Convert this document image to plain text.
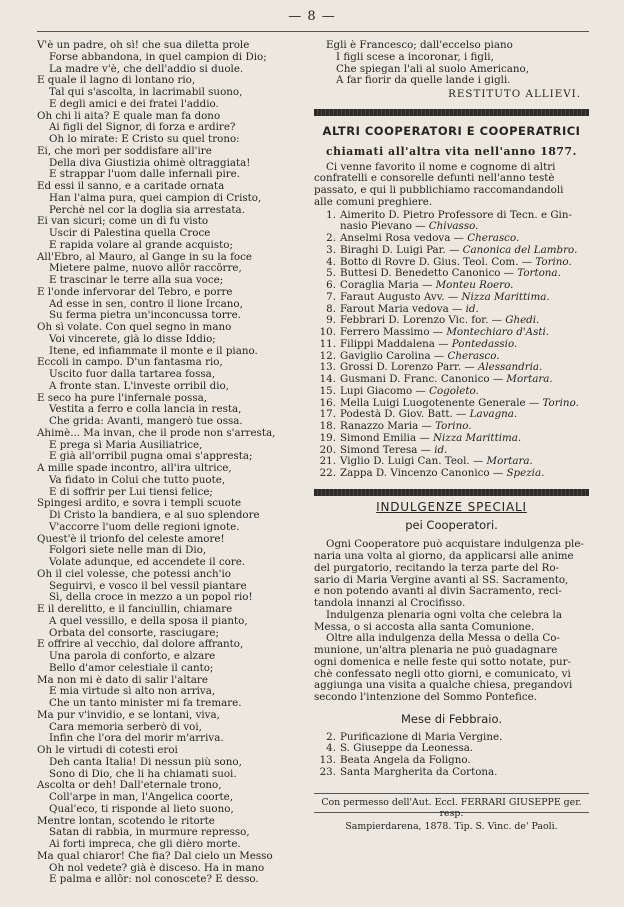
— 8 —
V'è un padre, oh sì! che sua diletta prole
Forse abbandona, in quel campion di Dio;
La madre v'è, che dell'addio si duole.
E quale il lagno di lontano rio,
Tal qui s'ascolta, in lacrimabil suono,
E degli amici e dei fratei l'addio.
Oh chi li aita? E quale man fa dono
Ai figli del Signor, di forza e ardire?
Oh lo mirate: È Cristo su quel trono:
Ei, che morì per soddisfare all'ire
Della diva Giustizia ohimè oltraggiata!
E strappar l'uom dalle infernali pire.
Ed essi il sanno, e a caritade ornata
Han l'alma pura, quei campion di Cristo,
Perchè nel cor la doglia sia arrestata.
Ei van sicuri; come un dì fu visto
Uscir di Palestina quella Croce
E rapida volare al grande acquisto;
All'Ebro, al Mauro, al Gange in su la foce
Mietere palme, nuovo allôr raccôrre,
E trascinar le terre alla sua voce;
E l'onde infervorar del Tebro, e porre
Ad esse in sen, contro il lione Ircano,
Su ferma pietra un'inconcussa torre.
Oh sì volate. Con quel segno in mano
Voi vincerete, già lo disse Iddio;
Itene, ed infiammate il monte e il piano.
Eccoli in campo. D'un fantasma rio,
Uscito fuor dalla tartarea fossa,
A fronte stan. L'investe orribil dio,
E seco ha pure l'infernale possa,
Vestita a ferro e colla lancia in resta,
Che grida: Avanti, mangerò tue ossa.
Ahimè... Ma invan, che il prode non s'arresta,
E prega sì Maria Ausiliatrice,
E già all'orribil pugna omai s'appresta;
A mille spade incontro, all'ira ultrice,
Va fidato in Colui che tutto puote,
E di soffrir per Lui tiensi felice;
Spingesi ardito, e sovra i templi scuote
Di Cristo la bandiera, e al suo splendore
V'accorre l'uom delle regioni ignote.
Quest'è il trionfo del celeste amore!
Folgori siete nelle man di Dio,
Volate adunque, ed accendete il core.
Oh il ciel volesse, che potessi anch'io
Seguirvi, e vosco il bel vessil piantare
Sì, della croce in mezzo a un popol rio!
E il derelitto, e il fanciullin, chiamare
A quel vessillo, e della sposa il pianto,
Orbata del consorte, rasciugare;
E offrire al vecchio, dal dolore affranto,
Una parola di conforto, e alzare
Bello d'amor celestiale il canto;
Ma non mi è dato di salir l'altare
E mia virtude sì alto non arriva,
Che un tanto minister mi fa tremare.
Ma pur v'invidio, e se lontani, viva,
Cara memoria serberò di voi,
Infin che l'ora del morir m'arriva.
Oh le virtudi di cotesti eroi
Deh canta Italia! Di nessun più sono,
Sono di Dio, che li ha chiamati suoi.
Ascolta or deh! Dall'eternale trono,
Coll'arpe in man, l'Angelica coorte,
Qual'eco, ti risponde al lieto suono,
Mentre lontan, scotendo le ritorte
Satan di rabbia, in murmure represso,
Ai forti impreca, che gli dièro morte.
Ma qual chiaror! Che fia? Dal cielo un Messo
Oh nol vedete? già è disceso. Ha in mano
E palma e allôr: nol conoscete? È desso.
Egli è Francesco; dall'eccelso piano
I figli scese a incoronar, i figli,
Che spiegan l'ali al suolo Americano,
A far fiorir da quelle lande i gigli.
RESTITUTO ALLIEVI.
ALTRI COOPERATORI E COOPERATRICI
chiamati all'altra vita nell'anno 1877.
Ci venne favorito il nome e cognome di altri
confratelli e consorelle defunti nell'anno testè
passato, e qui li pubblichiamo raccomandandoli
alle comuni preghiere.
1. Aimerito D. Pietro Professore di Tecn. e Gin-
nasio Pievano — Chivasso.
2. Anselmi Rosa vedova — Cherasco.
3. Biraghi D. Luigi Par. — Canonica del Lambro.
4. Botto di Rovre D. Gius. Teol. Com. — Torino.
5. Buttesi D. Benedetto Canonico — Tortona.
6. Coraglia Maria — Monteu Roero.
7. Faraut Augusto Avv. — Nizza Marittima.
8. Farout Maria vedova — id.
9. Febbrari D. Lorenzo Vic. for. — Ghedi.
10. Ferrero Massimo — Montechiaro d'Asti.
11. Filippi Maddalena — Pontedassio.
12. Gaviglio Carolina — Cherasco.
13. Grossi D. Lorenzo Parr. — Alessandria.
14. Gusmani D. Franc. Canonico — Mortara.
15. Lupi Giacomo — Cogoleto.
16. Mella Luigi Luogotenente Generale — Torino.
17. Podestà D. Giov. Batt. — Lavagna.
18. Ranazzo Maria — Torino.
19. Simond Emilia — Nizza Marittima.
20. Simond Teresa — id.
21. Viglio D. Luigi Can. Teol. — Mortara.
22. Zappa D. Vincenzo Canonico — Spezia.
INDULGENZE SPECIALI
pei Cooperatori.
Ogni Cooperatore può acquistare indulgenza ple-
naria una volta al giorno, da applicarsi alle anime
del purgatorio, recitando la terza parte del Ro-
sario di Maria Vergine avanti al SS. Sacramento,
e non potendo avanti al divin Sacramento, reci-
tandola innanzi al Crocifisso.
Indulgenza plenaria ogni volta che celebra la
Messa, o si accosta alla santa Comunione.
Oltre alla indulgenza della Messa o della Co-
munione, un'altra plenaria ne può guadagnare
ogni domenica e nelle feste qui sotto notate, pur-
chè confessato negli otto giorni, e comunicato, vi
aggiunga una visita a qualche chiesa, pregandovi
secondo l'intenzione del Sommo Pontefice.
Mese di Febbraio.
2. Purificazione di Maria Vergine.
4. S. Giuseppe da Leonessa.
13. Beata Angela da Foligno.
23. Santa Margherita da Cortona.
Con permesso dell'Aut. Eccl. FERRARI GIUSEPPE ger. resp.
Sampierdarena, 1878. Tip. S. Vinc. de' Paoli.
